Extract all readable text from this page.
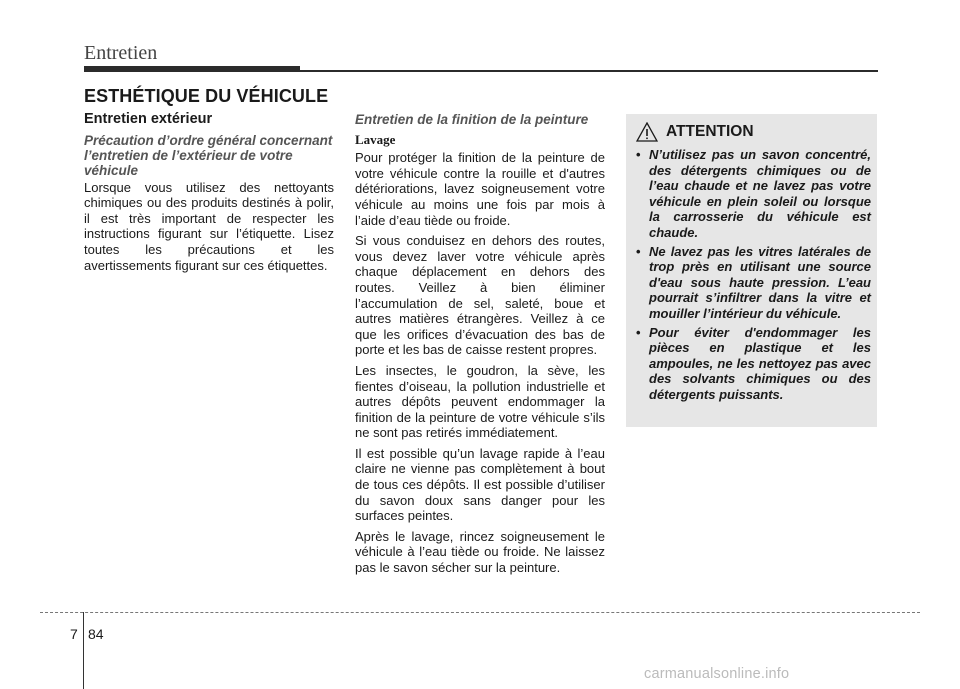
Entretien
ESTHÉTIQUE DU VÉHICULE
Entretien extérieur
Précaution d’ordre général concernant l’entretien de l’extérieur de votre véhicule

Lorsque vous utilisez des nettoyants chimiques ou des produits destinés à polir, il est très important de respecter les instructions figurant sur l’étiquette. Lisez toutes les précautions et les avertissements figurant sur ces étiquettes.

Entretien de la finition de la peinture
Lavage

Pour protéger la finition de la peinture de votre véhicule contre la rouille et d'autres détériorations, lavez soigneusement votre véhicule au moins une fois par mois à l’aide d’eau tiède ou froide.

Si vous conduisez en dehors des routes, vous devez laver votre véhicule après chaque déplacement en dehors des routes. Veillez à bien éliminer l’accumulation de sel, saleté, boue et autres matières étrangères. Veillez à ce que les orifices d’évacuation des bas de porte et les bas de caisse restent propres.

Les insectes, le goudron, la sève, les fientes d’oiseau, la pollution industrielle et autres dépôts peuvent endommager la finition de la peinture de votre véhicule s’ils ne sont pas retirés immédiatement.

Il est possible qu’un lavage rapide à l’eau claire ne vienne pas complètement à bout de tous ces dépôts. Il est possible d’utiliser du savon doux sans danger pour les surfaces peintes.

Après le lavage, rincez soigneusement le véhicule à l’eau tiède ou froide. Ne laissez pas le savon sécher sur la peinture.

ATTENTION
• N’utilisez pas un savon concentré, des détergents chimiques ou de l’eau chaude et ne lavez pas votre véhicule en plein soleil ou lorsque la carrosserie du véhicule est chaude.
• Ne lavez pas les vitres latérales de trop près en utilisant une source d'eau sous haute pression. L’eau pourrait s’infiltrer dans la vitre et mouiller l’intérieur du véhicule.
• Pour éviter d'endommager les pièces en plastique et les ampoules, ne les nettoyez pas avec des solvants chimiques ou des détergents puissants.
7 84
carmanualsonline.info
